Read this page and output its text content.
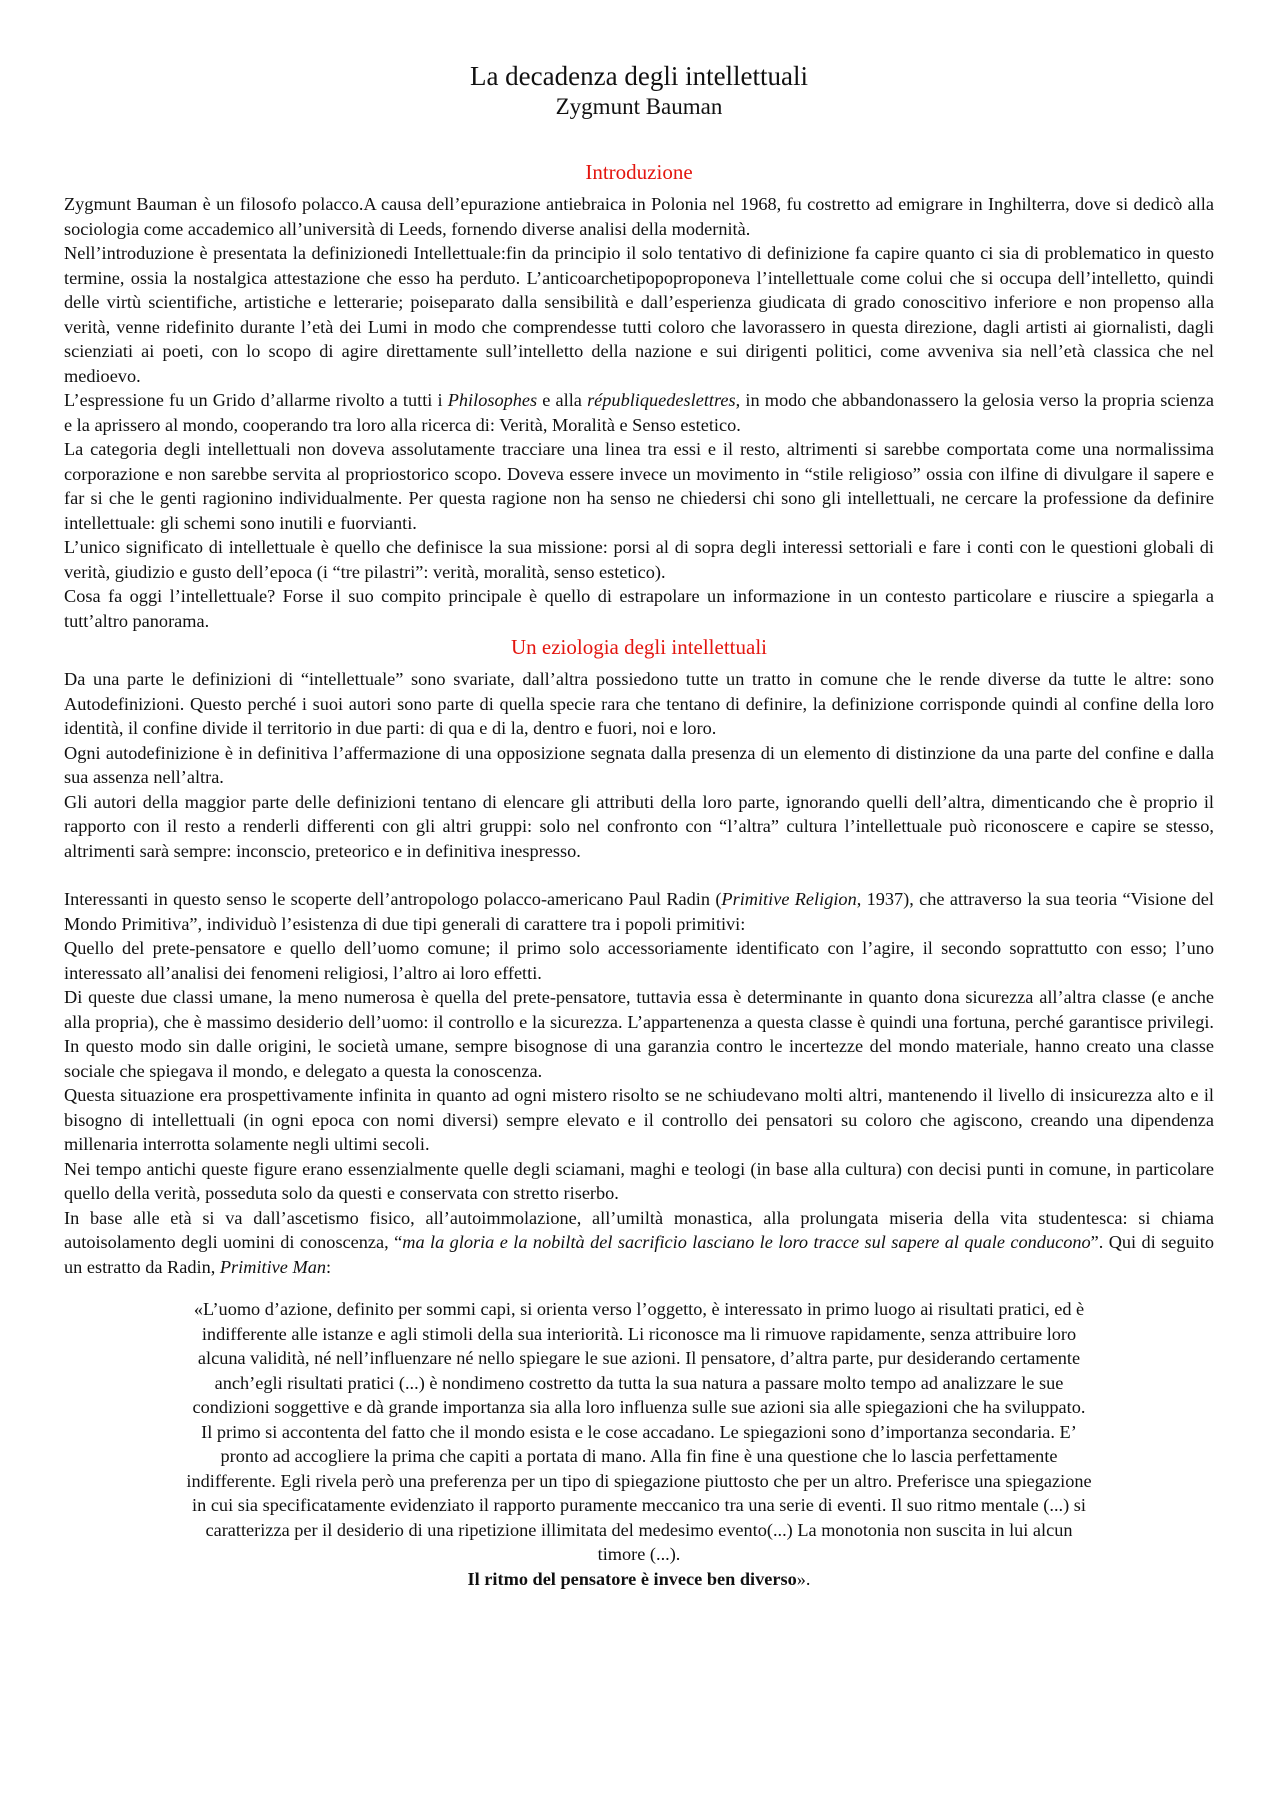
La decadenza degli intellettuali
Zygmunt Bauman
Introduzione

Zygmunt Bauman è un filosofo polacco.A causa dell’epurazione antiebraica in Polonia nel 1968, fu costretto ad emigrare in Inghilterra, dove si dedicò alla sociologia come accademico all’università di Leeds, fornendo diverse analisi della modernità.

Nell’introduzione è presentata la definizionedi Intellettuale:fin da principio il solo tentativo di definizione fa capire quanto ci sia di problematico in questo termine, ossia la nostalgica attestazione che esso ha perduto. L’anticoarchetipopoproponeva l’intellettuale come colui che si occupa dell’intelletto, quindi delle virtù scientifiche, artistiche e letterarie; poiseparato dalla sensibilità e dall’esperienza giudicata di grado conoscitivo inferiore e non propenso alla verità, venne ridefinito durante l’età dei Lumi in modo che comprendesse tutti coloro che lavorassero in questa direzione, dagli artisti ai giornalisti, dagli scienziati ai poeti, con lo scopo di agire direttamente sull’intelletto della nazione e sui dirigenti politici, come avveniva sia nell’età classica che nel medioevo.

L’espressione fu un Grido d’allarme rivolto a tutti i Philosophes e alla républiquedeslettres, in modo che abbandonassero la gelosia verso la propria scienza e la aprissero al mondo, cooperando tra loro alla ricerca di: Verità, Moralità e Senso estetico.

La categoria degli intellettuali non doveva assolutamente tracciare una linea tra essi e il resto, altrimenti si sarebbe comportata come una normalissima corporazione e non sarebbe servita al propriostorico scopo. Doveva essere invece un movimento in “stile religioso” ossia con ilfine di divulgare il sapere e far si che le genti ragionino individualmente. Per questa ragione non ha senso ne chiedersi chi sono gli intellettuali, ne cercare la professione da definire intellettuale: gli schemi sono inutili e fuorvianti.

L’unico significato di intellettuale è quello che definisce la sua missione: porsi al di sopra degli interessi settoriali e fare i conti con le questioni globali di verità, giudizio e gusto dell’epoca (i “tre pilastri”: verità, moralità, senso estetico).

Cosa fa oggi l’intellettuale? Forse il suo compito principale è quello di estrapolare un informazione in un contesto particolare e riuscire a spiegarla a tutt’altro panorama.

Un eziologia degli intellettuali

Da una parte le definizioni di “intellettuale” sono svariate, dall’altra possiedono tutte un tratto in comune che le rende diverse da tutte le altre: sono Autodefinizioni. Questo perché i suoi autori sono parte di quella specie rara che tentano di definire, la definizione corrisponde quindi al confine della loro identità, il confine divide il territorio in due parti: di qua e di la, dentro e fuori, noi e loro.

Ogni autodefinizione è in definitiva l’affermazione di una opposizione segnata dalla presenza di un elemento di distinzione da una parte del confine e dalla sua assenza nell’altra.

Gli autori della maggior parte delle definizioni tentano di elencare gli attributi della loro parte, ignorando quelli dell’altra, dimenticando che è proprio il rapporto con il resto a renderli differenti con gli altri gruppi: solo nel confronto con “l’altra” cultura l’intellettuale può riconoscere e capire se stesso, altrimenti sarà sempre: inconscio, preteorico e in definitiva inespresso.

Interessanti in questo senso le scoperte dell’antropologo polacco-americano Paul Radin (Primitive Religion, 1937), che attraverso la sua teoria “Visione del Mondo Primitiva”, individuò l’esistenza di due tipi generali di carattere tra i popoli primitivi:

Quello del prete-pensatore e quello dell’uomo comune; il primo solo accessoriamente identificato con l’agire, il secondo soprattutto con esso; l’uno interessato all’analisi dei fenomeni religiosi, l’altro ai loro effetti.

Di queste due classi umane, la meno numerosa è quella del prete-pensatore, tuttavia essa è determinante in quanto dona sicurezza all’altra classe (e anche alla propria), che è massimo desiderio dell’uomo: il controllo e la sicurezza. L’appartenenza a questa classe è quindi una fortuna, perché garantisce privilegi. In questo modo sin dalle origini, le società umane, sempre bisognose di una garanzia contro le incertezze del mondo materiale, hanno creato una classe sociale che spiegava il mondo, e delegato a questa la conoscenza.

Questa situazione era prospettivamente infinita in quanto ad ogni mistero risolto se ne schiudevano molti altri, mantenendo il livello di insicurezza alto e il bisogno di intellettuali (in ogni epoca con nomi diversi) sempre elevato e il controllo dei pensatori su coloro che agiscono, creando una dipendenza millenaria interrotta solamente negli ultimi secoli.

Nei tempo antichi queste figure erano essenzialmente quelle degli sciamani, maghi e teologi (in base alla cultura) con decisi punti in comune, in particolare quello della verità, posseduta solo da questi e conservata con stretto riserbo.

In base alle età si va dall’ascetismo fisico, all’autoimmolazione, all’umiltà monastica, alla prolungata miseria della vita studentesca: si chiama autoisolamento degli uomini di conoscenza, “ma la gloria e la nobiltà del sacrificio lasciano le loro tracce sul sapere al quale conducono”. Qui di seguito un estratto da Radin, Primitive Man:

«L’uomo d’azione, definito per sommi capi, si orienta verso l’oggetto, è interessato in primo luogo ai risultati pratici, ed è indifferente alle istanze e agli stimoli della sua interiorità. Li riconosce ma li rimuove rapidamente, senza attribuire loro alcuna validità, né nell’influenzare né nello spiegare le sue azioni. Il pensatore, d’altra parte, pur desiderando certamente anch’egli risultati pratici (...) è nondimeno costretto da tutta la sua natura a passare molto tempo ad analizzare le sue condizioni soggettive e dà grande importanza sia alla loro influenza sulle sue azioni sia alle spiegazioni che ha sviluppato.

Il primo si accontenta del fatto che il mondo esista e le cose accadano. Le spiegazioni sono d’importanza secondaria. E’ pronto ad accogliere la prima che capiti a portata di mano. Alla fin fine è una questione che lo lascia perfettamente indifferente. Egli rivela però una preferenza per un tipo di spiegazione piuttosto che per un altro. Preferisce una spiegazione in cui sia specificatamente evidenziato il rapporto puramente meccanico tra una serie di eventi. Il suo ritmo mentale (...) si caratterizza per il desiderio di una ripetizione illimitata del medesimo evento(...) La monotonia non suscita in lui alcun timore (...).

Il ritmo del pensatore è invece ben diverso».
